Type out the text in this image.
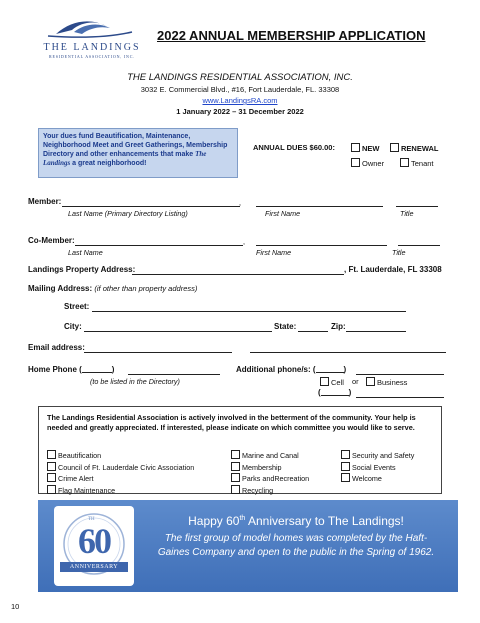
THE LANDINGS
RESIDENTIAL ASSOCIATION, INC.
2022 ANNUAL MEMBERSHIP APPLICATION
THE LANDINGS RESIDENTIAL ASSOCIATION, INC.
3032 E. Commercial Blvd., #16, Fort Lauderdale, FL. 33308
www.LandingsRA.com
1 January 2022 – 31 December 2022
Your dues fund Beautification, Maintenance, Neighborhood Meet and Greet Gatherings, Membership Directory and other enhancements that make The Landings a great neighborhood!
ANNUAL DUES $60.00:	NEW	RENEWAL
Owner	Tenant
Member:	,
Last Name (Primary Directory Listing)	First Name	Title
Co-Member:	,
Last Name	First Name	Title
Landings Property Address:	, Ft. Lauderdale, FL 33308
Mailing Address: (if other than property address)
Street:
City:	State:	Zip:
Email address:
Home Phone (	)
(to be listed in the Directory)
Additional phone/s: (	)
Cell or	Business
(	)
The Landings Residential Association is actively involved in the betterment of the community. Your help is needed and greatly appreciated. If interested, please indicate on which committee you would like to serve.
Beautification
Council of Ft. Lauderdale Civic Association
Crime Alert
Flag Maintenance
Marine and Canal
Membership
Parks andRecreation
Recycling
Security and Safety
Social Events
Welcome
TH
60
ANNIVERSARY
Happy 60th Anniversary to The Landings!
The first group of model homes was completed by the Haft-Gaines Company and open to the public in the Spring of 1962.
10
